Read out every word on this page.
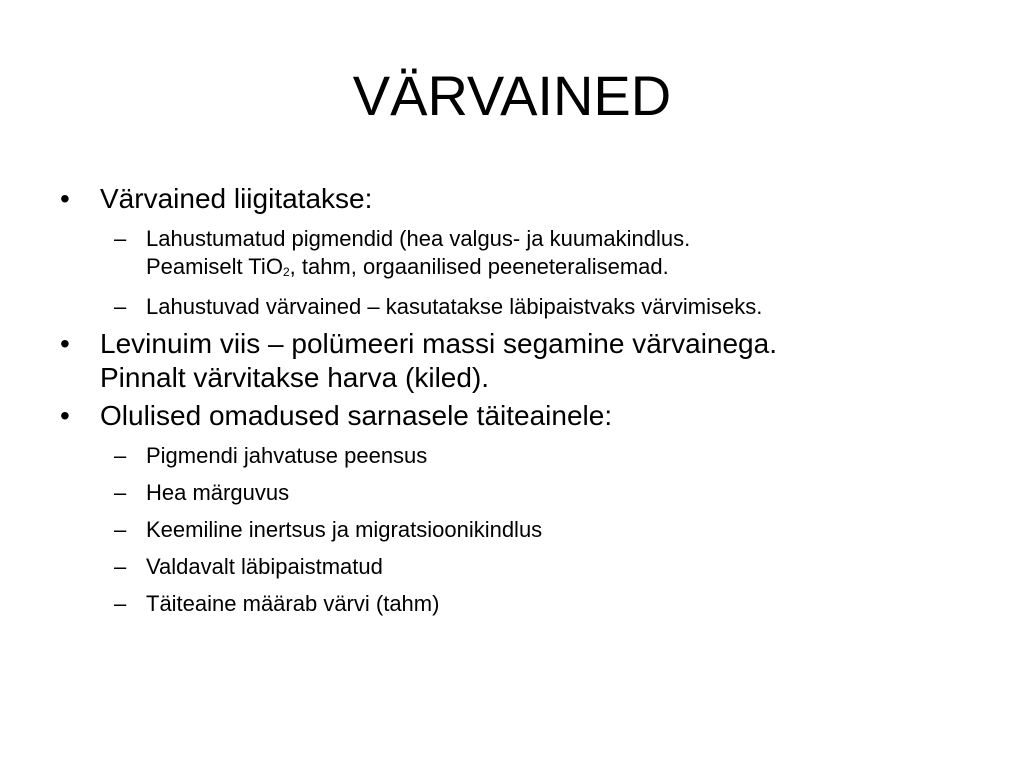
VÄRVAINED
•	Värvained liigitatakse:
– Lahustumatud pigmendid (hea valgus- ja kuumakindlus.
Peamiselt TiO$_2$, tahm, orgaanilised peeneteralisemad.
– Lahustuvad värvained – kasutatakse läbipaistvaks värvimiseks.
•	Levinuim viis – polümeeri massi segamine värvainega.
Pinnalt värvitakse harva (kiled).
•	Olulised omadused sarnasele täiteainele:
– Pigmendi jahvatuse peensus
– Hea märguvus
– Keemiline inertsus ja migratsioonikindlus
– Valdavalt läbipaistmatud
– Täiteaine määrab värvi (tahm)
